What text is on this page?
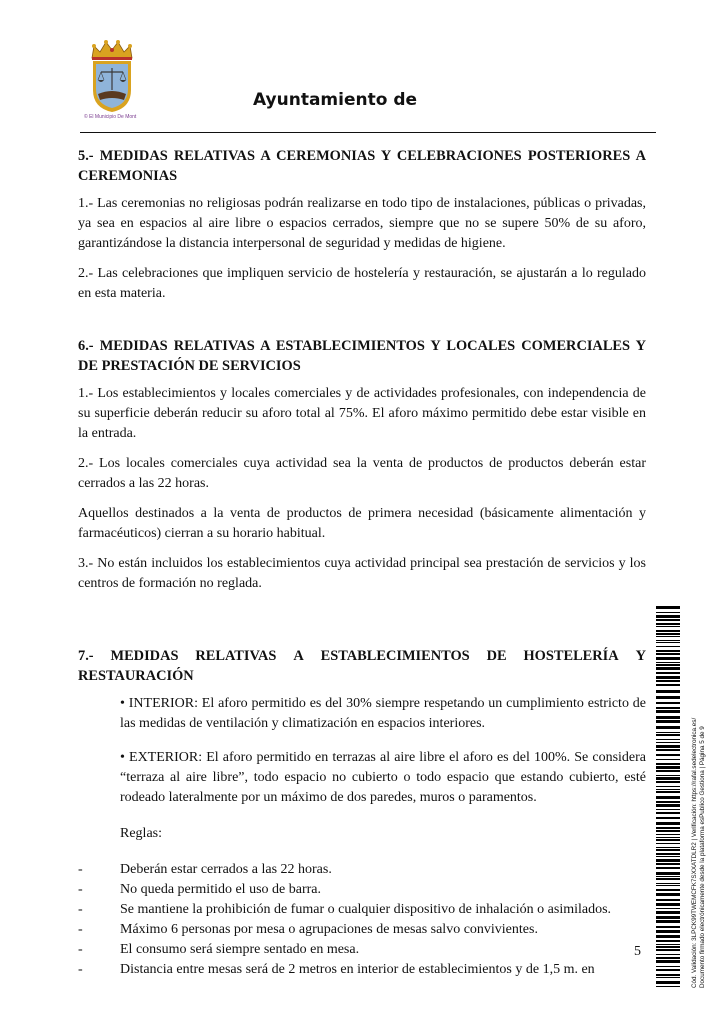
© El Municipio De Mont
Ayuntamiento de
5.- MEDIDAS RELATIVAS A CEREMONIAS Y CELEBRACIONES POSTERIORES A CEREMONIAS

1.- Las ceremonias no religiosas podrán realizarse en todo tipo de instalaciones, públicas o privadas, ya sea en espacios al aire libre o espacios cerrados, siempre que no se supere 50% de su aforo, garantizándose la distancia interpersonal de seguridad y medidas de higiene.

2.- Las celebraciones que impliquen servicio de hostelería y restauración, se ajustarán a lo regulado en esta materia.

6.- MEDIDAS RELATIVAS A ESTABLECIMIENTOS Y LOCALES COMERCIALES Y DE PRESTACIÓN DE SERVICIOS

1.- Los establecimientos y locales comerciales y de actividades profesionales, con independencia de su superficie deberán reducir su aforo total al 75%. El aforo máximo permitido debe estar visible en la entrada.

2.- Los locales comerciales cuya actividad sea la venta de productos de productos deberán estar cerrados a las 22 horas.

Aquellos destinados a la venta de productos de primera necesidad (básicamente alimentación y farmacéuticos) cierran a su horario habitual.

3.- No están incluidos los establecimientos cuya actividad principal sea prestación de servicios y los centros de formación no reglada.

7.- MEDIDAS RELATIVAS A ESTABLECIMIENTOS DE HOSTELERÍA Y
RESTAURACIÓN

• INTERIOR: El aforo permitido es del 30% siempre respetando un cumplimiento estricto de las medidas de ventilación y climatización en espacios interiores.

• EXTERIOR: El aforo permitido en terrazas al aire libre el aforo es del 100%. Se considera “terraza al aire libre”, todo espacio no cubierto o todo espacio que estando cubierto, esté rodeado lateralmente por un máximo de dos paredes, muros o paramentos.

Reglas:
-	Deberán estar cerrados a las 22 horas.
-	No queda permitido el uso de barra.
-	Se mantiene la prohibición de fumar o cualquier dispositivo de inhalación o asimilados.
-	Máximo 6 personas por mesa o agrupaciones de mesas salvo convivientes.
-	El consumo será siempre sentado en mesa.
-	Distancia entre mesas será de 2 metros en interior de establecimientos y de 1,5 m. en
5	Cód. Validación: 3LPCK99TWEMCFK7SXXATDLR2 | Verificación: https://rafal.sedelectronica.es/ Documento firmado electrónicamente desde la plataforma esPublico Gestiona | Página 5 de 9
